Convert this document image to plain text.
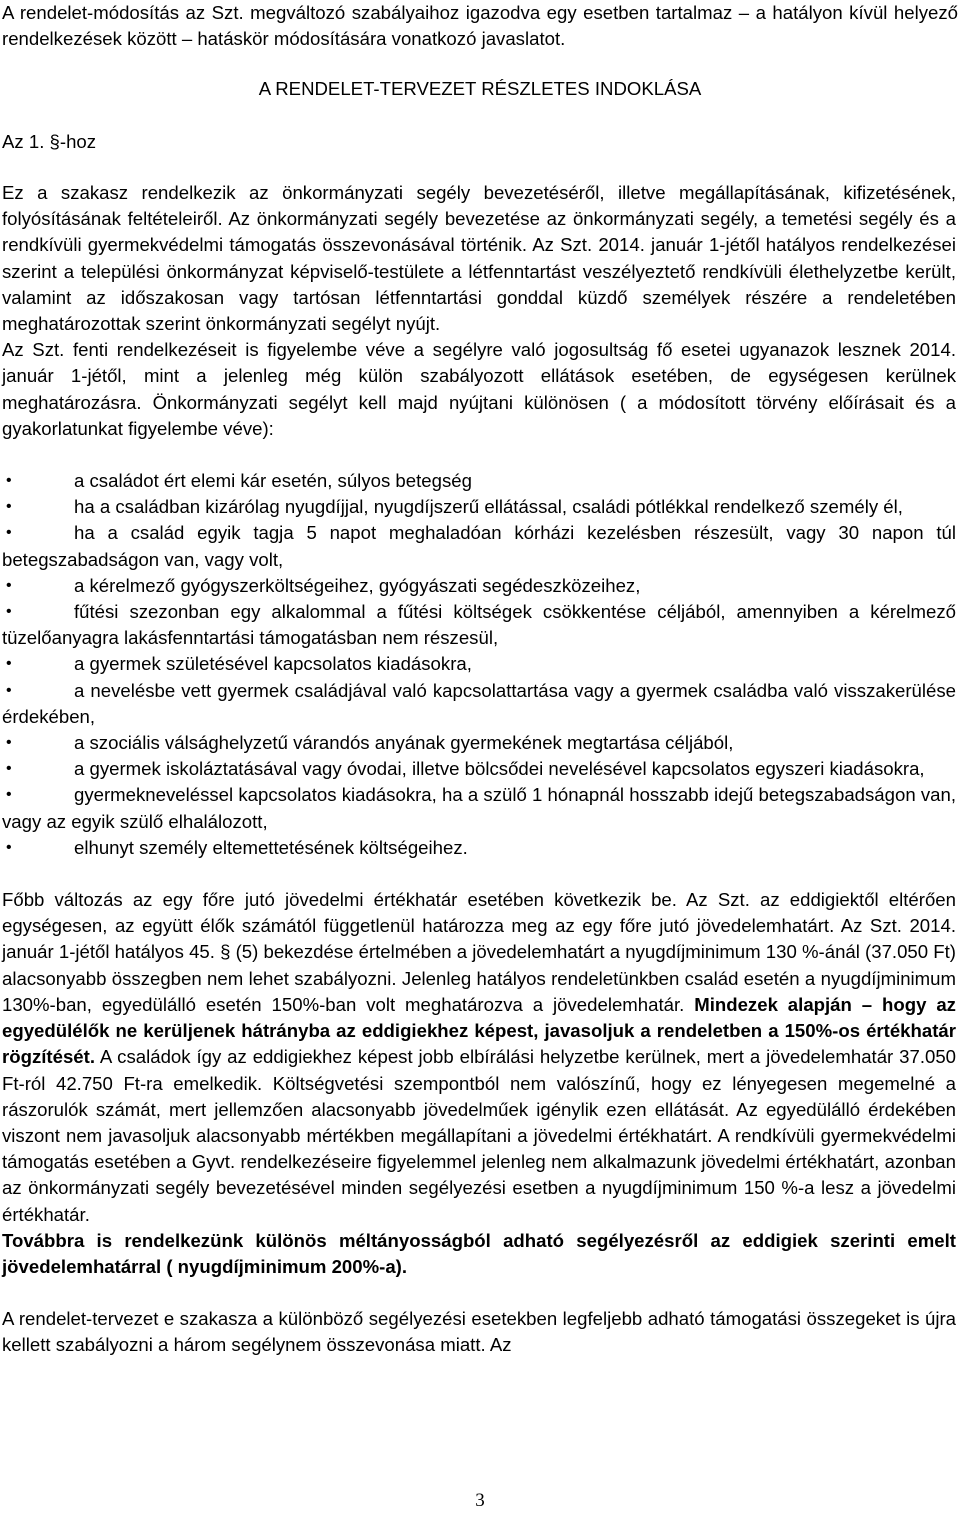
A rendelet-módosítás az Szt. megváltozó szabályaihoz igazodva egy esetben tartalmaz – a hatályon kívül helyező rendelkezések között – hatáskör módosítására vonatkozó javaslatot.

A RENDELET-TERVEZET RÉSZLETES INDOKLÁSA
Az 1. §-hoz

Ez a szakasz rendelkezik az önkormányzati segély bevezetéséről, illetve megállapításának, kifizetésének, folyósításának feltételeiről. Az önkormányzati segély bevezetése az önkormányzati segély, a temetési segély és a rendkívüli gyermekvédelmi támogatás összevonásával történik. Az Szt. 2014. január 1-jétől hatályos rendelkezései szerint a települési önkormányzat képviselő-testülete a létfenntartást veszélyeztető rendkívüli élethelyzetbe került, valamint az időszakosan vagy tartósan létfenntartási gonddal küzdő személyek részére a rendeletében meghatározottak szerint önkormányzati segélyt nyújt.

Az Szt. fenti rendelkezéseit is figyelembe véve a segélyre való jogosultság fő esetei ugyanazok lesznek 2014. január 1-jétől, mint a jelenleg még külön szabályozott ellátások esetében, de egységesen kerülnek meghatározásra. Önkormányzati segélyt kell majd nyújtani különösen ( a módosított törvény előírásait és a gyakorlatunkat figyelembe véve):

•	a családot ért elemi kár esetén, súlyos betegség
•	ha a családban kizárólag nyugdíjjal, nyugdíjszerű ellátással, családi pótlékkal rendelkező személy él,
•	ha a család egyik tagja 5 napot meghaladóan kórházi kezelésben részesült, vagy 30 napon túl betegszabadságon van, vagy volt,
•	a kérelmező gyógyszerköltségeihez, gyógyászati segédeszközeihez,
•	fűtési szezonban egy alkalommal a fűtési költségek csökkentése céljából, amennyiben a kérelmező tüzelőanyagra lakásfenntartási támogatásban nem részesül,
•	a gyermek születésével kapcsolatos kiadásokra,
•	a nevelésbe vett gyermek családjával való kapcsolattartása vagy a gyermek családba való visszakerülése érdekében,
•	a szociális válsághelyzetű várandós anyának gyermekének megtartása céljából,
•	a gyermek iskoláztatásával vagy óvodai, illetve bölcsődei nevelésével kapcsolatos egyszeri kiadásokra,
•	gyermekneveléssel kapcsolatos kiadásokra, ha a szülő 1 hónapnál hosszabb idejű betegszabadságon van, vagy az egyik szülő elhalálozott,
•	elhunyt személy eltemettetésének költségeihez.

Főbb változás az egy főre jutó jövedelmi értékhatár esetében következik be. Az Szt. az eddigiektől eltérően egységesen, az együtt élők számától függetlenül határozza meg az egy főre jutó jövedelemhatárt. Az Szt. 2014. január 1-jétől hatályos 45. § (5) bekezdése értelmében a jövedelemhatárt a nyugdíjminimum 130 %-ánál (37.050 Ft) alacsonyabb összegben nem lehet szabályozni. Jelenleg hatályos rendeletünkben család esetén a nyugdíjminimum 130%-ban, egyedülálló esetén 150%-ban volt meghatározva a jövedelemhatár. Mindezek alapján – hogy az egyedülélők ne kerüljenek hátrányba az eddigiekhez képest, javasoljuk a rendeletben a 150%-os értékhatár rögzítését. A családok így az eddigiekhez képest jobb elbírálási helyzetbe kerülnek, mert a jövedelemhatár 37.050 Ft-ról 42.750 Ft-ra emelkedik. Költségvetési szempontból nem valószínű, hogy ez lényegesen megemelné a rászorulók számát, mert jellemzően alacsonyabb jövedelműek igénylik ezen ellátását. Az egyedülálló érdekében viszont nem javasoljuk alacsonyabb mértékben megállapítani a jövedelmi értékhatárt. A rendkívüli gyermekvédelmi támogatás esetében a Gyvt. rendelkezéseire figyelemmel jelenleg nem alkalmazunk jövedelmi értékhatárt, azonban az önkormányzati segély bevezetésével minden segélyezési esetben a nyugdíjminimum 150 %-a lesz a jövedelmi értékhatár.

Továbbra is rendelkezünk különös méltányosságból adható segélyezésről az eddigiek szerinti emelt jövedelemhatárral ( nyugdíjminimum 200%-a).

A rendelet-tervezet e szakasza a különböző segélyezési esetekben legfeljebb adható támogatási összegeket is újra kellett szabályozni a három segélynem összevonása miatt. Az

3
